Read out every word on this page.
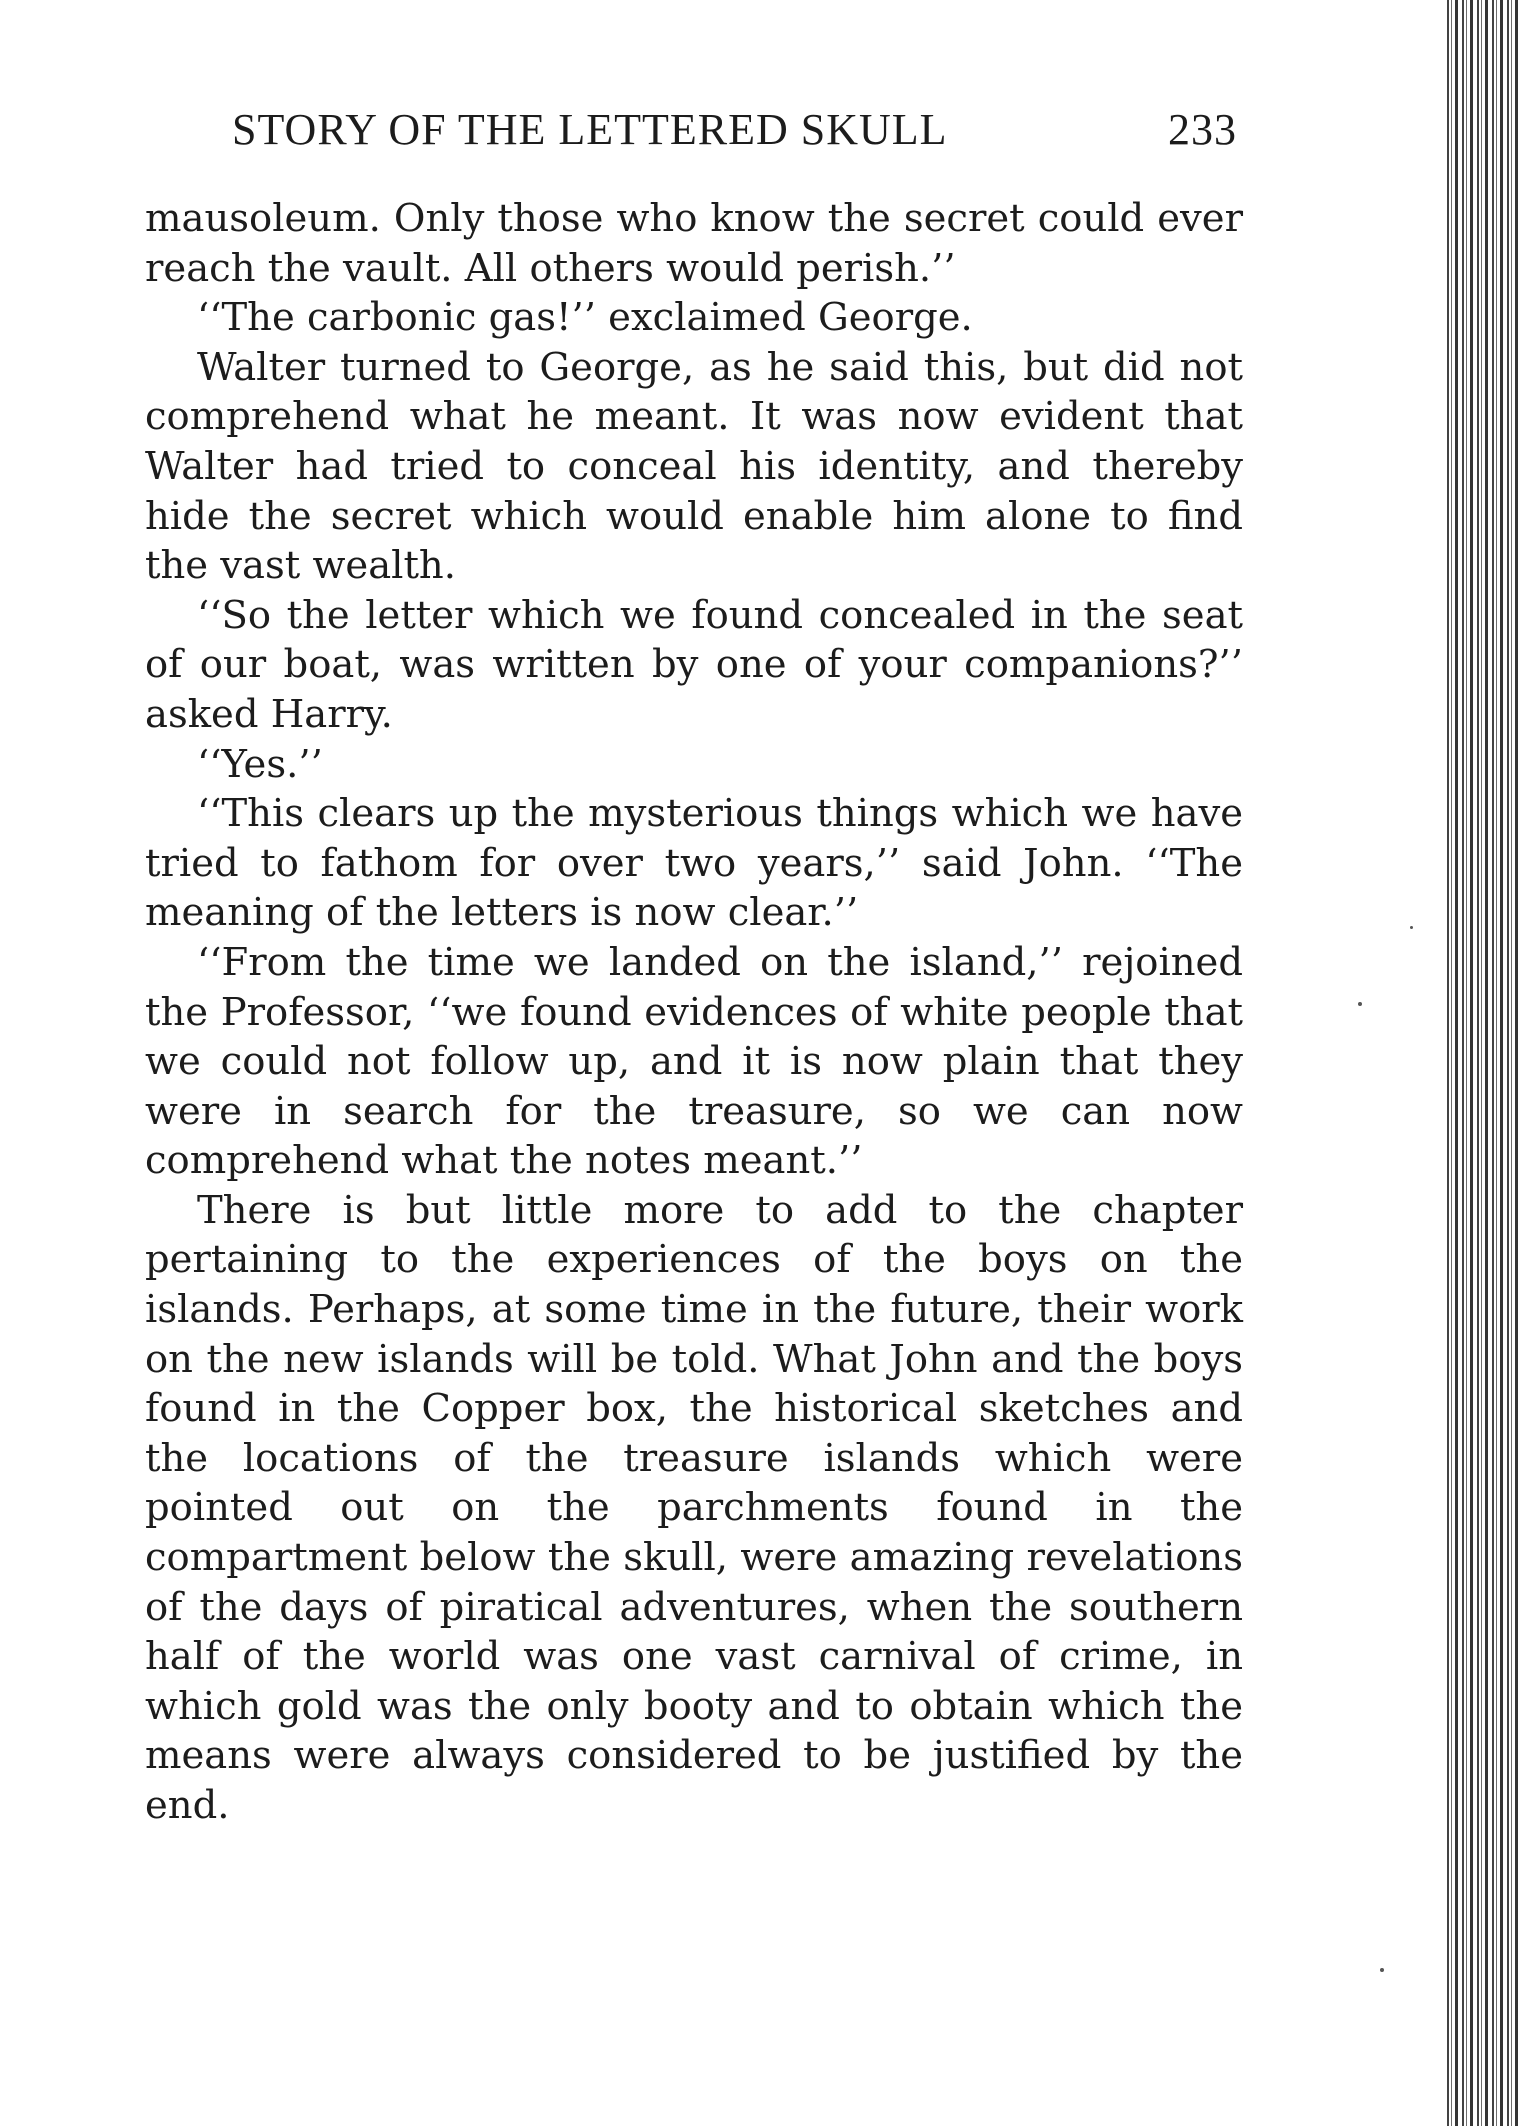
STORY OF THE LETTERED SKULL	233

mausoleum. Only those who know the secret could ever reach the vault. All others would perish.’’

‘‘The carbonic gas!’’ exclaimed George.

Walter turned to George, as he said this, but did not comprehend what he meant. It was now evident that Walter had tried to conceal his identity, and thereby hide the secret which would enable him alone to find the vast wealth.

‘‘So the letter which we found concealed in the seat of our boat, was written by one of your companions?’’ asked Harry.

‘‘Yes.’’

‘‘This clears up the mysterious things which we have tried to fathom for over two years,’’ said John. ‘‘The meaning of the letters is now clear.’’

‘‘From the time we landed on the island,’’ rejoined the Professor, ‘‘we found evidences of white people that we could not follow up, and it is now plain that they were in search for the treasure, so we can now comprehend what the notes meant.’’

There is but little more to add to the chapter pertaining to the experiences of the boys on the islands. Perhaps, at some time in the future, their work on the new islands will be told. What John and the boys found in the Copper box, the historical sketches and the locations of the treasure islands which were pointed out on the parchments found in the compartment below the skull, were amazing revelations of the days of piratical adventures, when the southern half of the world was one vast carnival of crime, in which gold was the only booty and to obtain which the means were always considered to be justified by the end.
